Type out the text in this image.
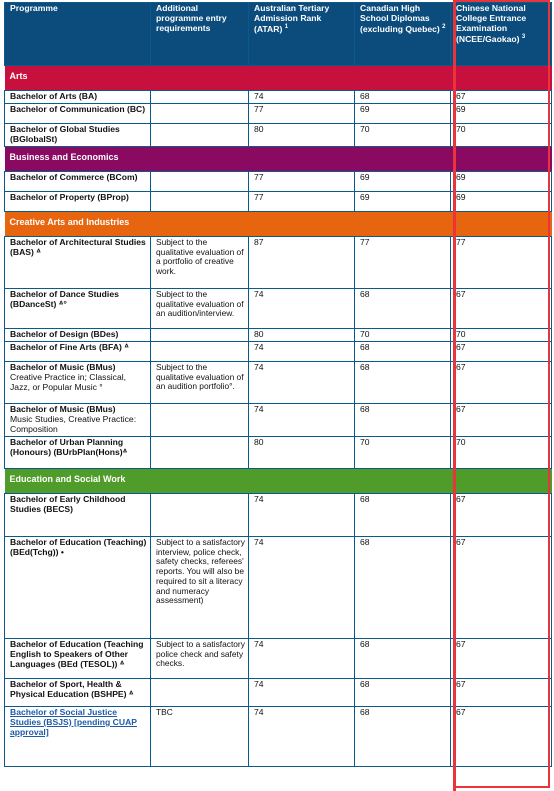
Programme	Additional programme entry requirements	Australian Tertiary Admission Rank (ATAR) $^1$	Canadian High School Diplomas (excluding Quebec) $^2$	Chinese National College Entrance Examination (NCEE/Gaokao) $^3$
Arts				
Bachelor of Arts (BA)		74	68	67
Bachelor of Communication (BC)		77	69	69
Bachelor of Global Studies (BGlobalSt)		80	70	70
Business and Economics				
Bachelor of Commerce (BCom)		77	69	69
Bachelor of Property (BProp)		77	69	69
Creative Arts and Industries				
Bachelor of Architectural Studies (BAS) ᐞ	Subject to the qualitative evaluation of a portfolio of creative work.	87	77	77
Bachelor of Dance Studies (BDanceSt) ᐞ°	Subject to the qualitative evaluation of an audition/interview.	74	68	67
Bachelor of Design (BDes)		80	70	70
Bachelor of Fine Arts (BFA) ᐞ		74	68	67
Bachelor of Music (BMus)
Creative Practice in; Classical, Jazz, or Popular Music °	Subject to the qualitative evaluation of an audition portfolio°.	74	68	67
Bachelor of Music (BMus)
Music Studies, Creative Practice: Composition		74	68	67
Bachelor of Urban Planning (Honours) (BUrbPlan(Hons)ᐞ		80	70	70
Education and Social Work				
Bachelor of Early Childhood Studies (BECS)		74	68	67
Bachelor of Education (Teaching) (BEd(Tchg)) •	Subject to a satisfactory interview, police check, safety checks, referees' reports. You will also be required to sit a literacy and numeracy assessment)	74	68	67
Bachelor of Education (Teaching English to Speakers of Other Languages (BEd (TESOL)) ᐞ	Subject to a satisfactory police check and safety checks.	74	68	67
Bachelor of Sport, Health & Physical Education (BSHPE) ᐞ		74	68	67
Bachelor of Social Justice Studies (BSJS) [pending CUAP approval]	TBC	74	68	67
